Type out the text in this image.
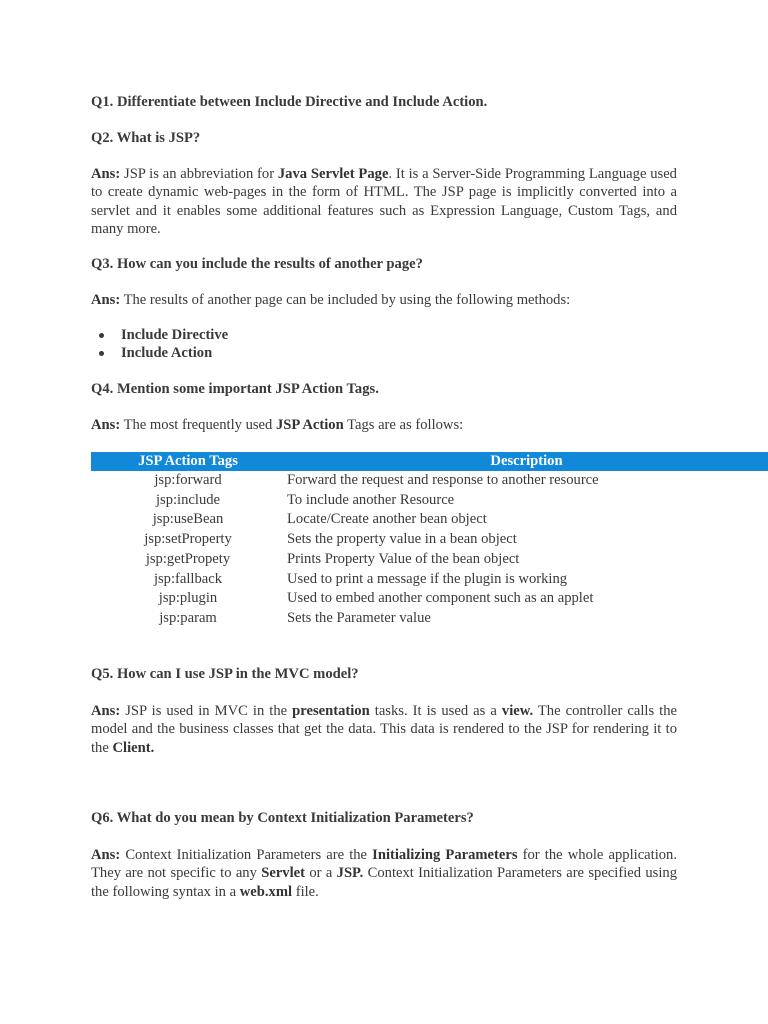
Q1. Differentiate between Include Directive and Include Action.
Q2. What is JSP?
Ans: JSP is an abbreviation for Java Servlet Page. It is a Server-Side Programming Language used to create dynamic web-pages in the form of HTML. The JSP page is implicitly converted into a servlet and it enables some additional features such as Expression Language, Custom Tags, and many more.
Q3. How can you include the results of another page?
Ans: The results of another page can be included by using the following methods:
Include Directive
Include Action
Q4. Mention some important JSP Action Tags.
Ans: The most frequently used JSP Action Tags are as follows:
JSP Action Tags	Description
jsp:forward	Forward the request and response to another resource
jsp:include	To include another Resource
jsp:useBean	Locate/Create another bean object
jsp:setProperty	Sets the property value in a bean object
jsp:getPropety	Prints Property Value of the bean object
jsp:fallback	Used to print a message if the plugin is working
jsp:plugin	Used to embed another component such as an applet
jsp:param	Sets the Parameter value
Q5. How can I use JSP in the MVC model?
Ans: JSP is used in MVC in the presentation tasks. It is used as a view. The controller calls the model and the business classes that get the data. This data is rendered to the JSP for rendering it to the Client.
Q6. What do you mean by Context Initialization Parameters?
Ans: Context Initialization Parameters are the Initializing Parameters for the whole application. They are not specific to any Servlet or a JSP. Context Initialization Parameters are specified using the following syntax in a web.xml file.
